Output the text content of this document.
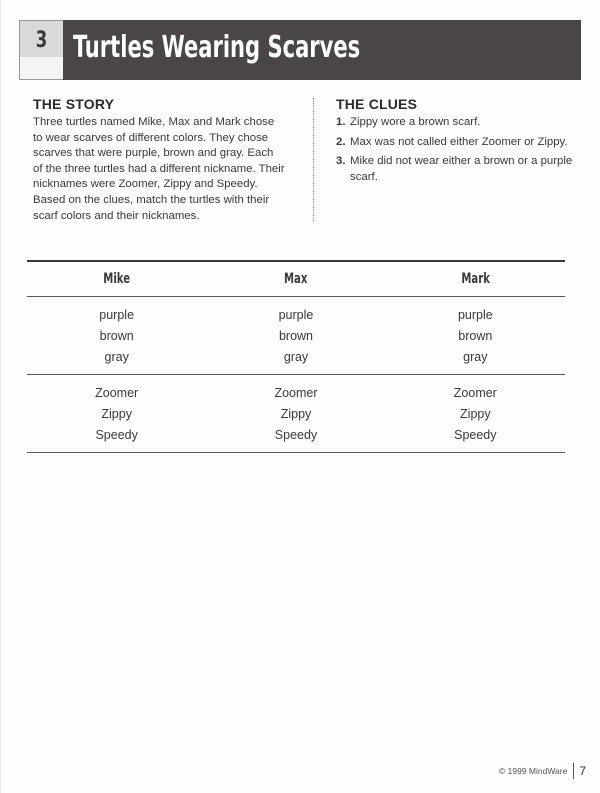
3 Turtles Wearing Scarves
THE STORY

Three turtles named Mike, Max and Mark chose to wear scarves of different colors. They chose scarves that were purple, brown and gray. Each of the three turtles had a different nickname. Their nicknames were Zoomer, Zippy and Speedy. Based on the clues, match the turtles with their scarf colors and their nicknames.

THE CLUES
1. Zippy wore a brown scarf.
2. Max was not called either Zoomer or Zippy.
3. Mike did not wear either a brown or a purple scarf.
Mike	Max	Mark
purple
brown
gray
purple
brown
gray
purple
brown
gray
Zoomer
Zippy
Speedy
Zoomer
Zippy
Speedy
Zoomer
Zippy
Speedy
© 1999 MindWare 7
